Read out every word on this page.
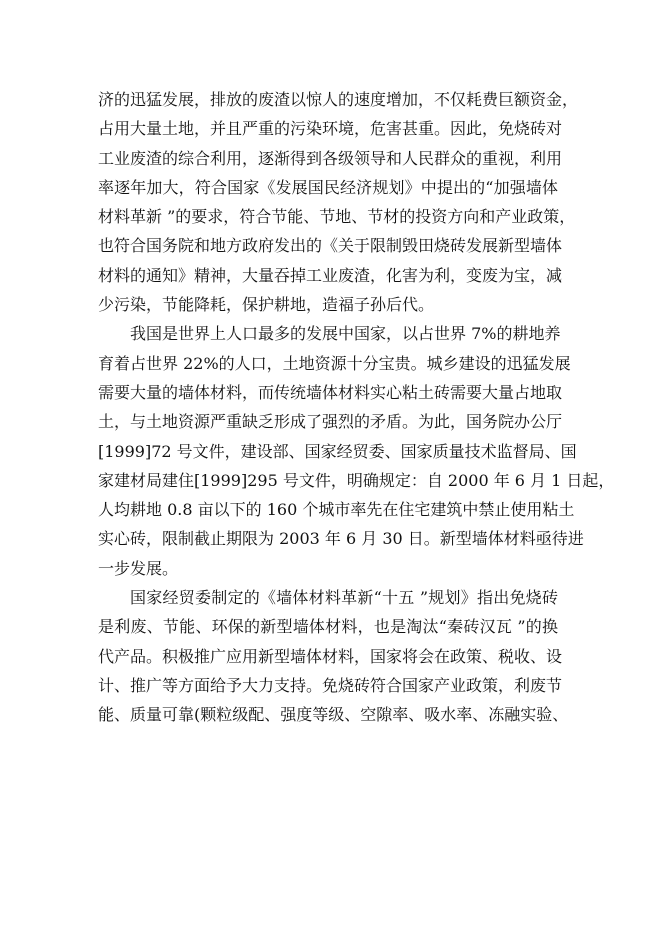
济的迅猛发展，排放的废渣以惊人的速度增加，不仅耗费巨额资金，
占用大量土地，并且严重的污染环境，危害甚重。因此，免烧砖对
工业废渣的综合利用，逐渐得到各级领导和人民群众的重视，利用
率逐年加大，符合国家《发展国民经济规划》中提出的“加强墙体
材料革新 ”的要求，符合节能、节地、节材的投资方向和产业政策，
也符合国务院和地方政府发出的《关于限制毁田烧砖发展新型墙体
材料的通知》精神，大量吞掉工业废渣，化害为利，变废为宝，减
少污染，节能降耗，保护耕地，造福子孙后代。
我国是世界上人口最多的发展中国家，以占世界 7%的耕地养
育着占世界 22%的人口，土地资源十分宝贵。城乡建设的迅猛发展
需要大量的墙体材料，而传统墙体材料实心粘土砖需要大量占地取
土，与土地资源严重缺乏形成了强烈的矛盾。为此，国务院办公厅
[1999]72 号文件，建设部、国家经贸委、国家质量技术监督局、国
家建材局建住[1999]295 号文件，明确规定：自 2000 年 6 月 1 日起，
人均耕地 0.8 亩以下的 160 个城市率先在住宅建筑中禁止使用粘土
实心砖，限制截止期限为 2003 年 6 月 30 日。新型墙体材料亟待进
一步发展。
国家经贸委制定的《墙体材料革新“十五 ”规划》指出免烧砖
是利废、节能、环保的新型墙体材料，也是淘汰“秦砖汉瓦 ”的换
代产品。积极推广应用新型墙体材料，国家将会在政策、税收、设
计、推广等方面给予大力支持。免烧砖符合国家产业政策，利废节
能、质量可靠(颗粒级配、强度等级、空隙率、吸水率、冻融实验、
